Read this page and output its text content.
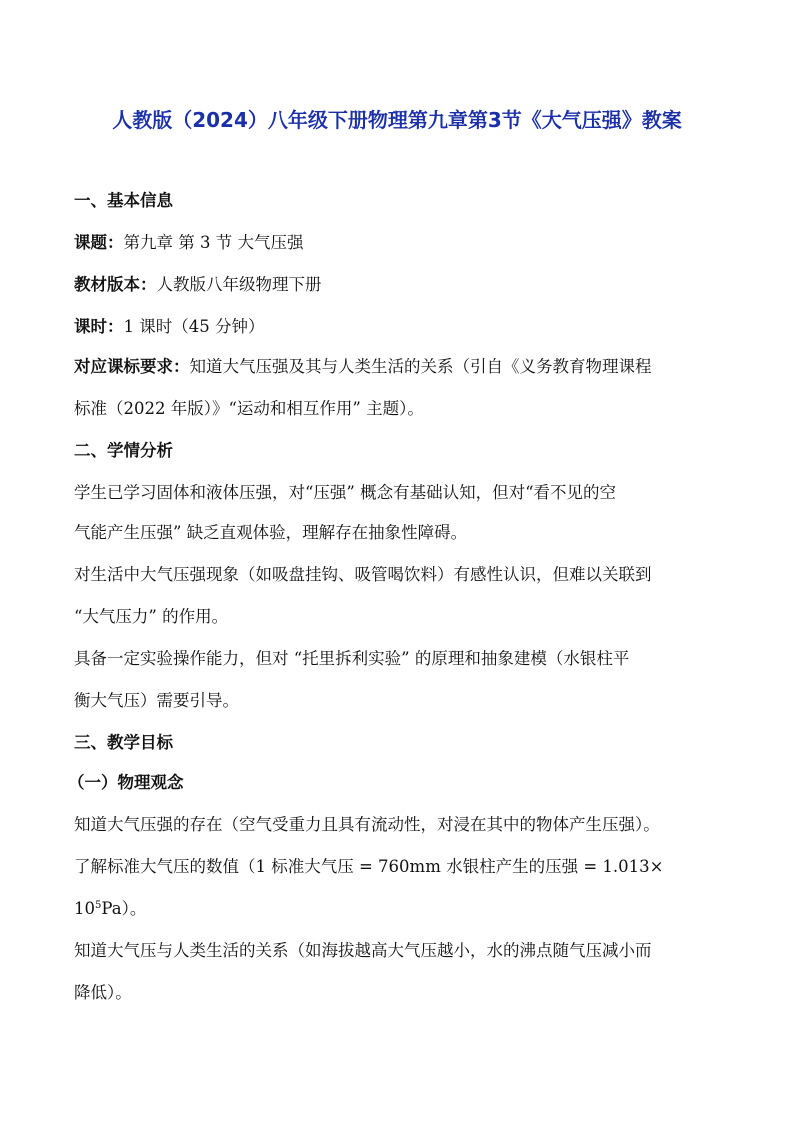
人教版（2024）八年级下册物理第九章第3节《大气压强》教案
一、基本信息
课题：第九章 第 3 节 大气压强
教材版本：人教版八年级物理下册
课时：1 课时（45 分钟）
对应课标要求：知道大气压强及其与人类生活的关系（引自《义务教育物理课程
标准（2022 年版）》“运动和相互作用” 主题）。
二、学情分析
学生已学习固体和液体压强，对“压强” 概念有基础认知，但对“看不见的空
气能产生压强” 缺乏直观体验，理解存在抽象性障碍。
对生活中大气压强现象（如吸盘挂钩、吸管喝饮料）有感性认识，但难以关联到
“大气压力” 的作用。
具备一定实验操作能力，但对 “托里拆利实验” 的原理和抽象建模（水银柱平
衡大气压）需要引导。
三、教学目标
（一）物理观念
知道大气压强的存在（空气受重力且具有流动性，对浸在其中的物体产生压强）。
了解标准大气压的数值（1 标准大气压 = 760mm 水银柱产生的压强 = 1.013×
$10^5Pa$）。
知道大气压与人类生活的关系（如海拔越高大气压越小，水的沸点随气压减小而
降低）。
